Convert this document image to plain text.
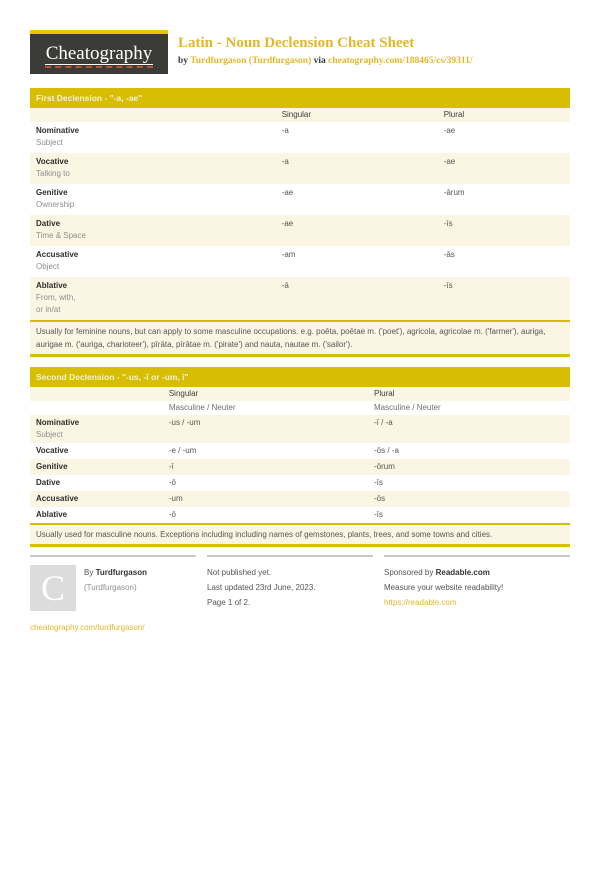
Cheatography Latin - Noun Declension Cheat Sheet
by Turdfurgason (Turdfurgason) via cheatography.com/188465/cs/39311/
First Declension - "-a, -ae"
Singular	Plural
Nominative
Subject
-a	-ae
Vocative
Talking to
-a	-ae
Genitive
Ownership
-ae	-ārum
Dative
Time & Space
-ae	-īs
Accusative
Object
-am	-ās
Ablative
From, with,
or in/at
-ā	-īs
Usually for feminine nouns, but can apply to some masculine occupations. e.g. poēta, poētae m. ('poet'), agricola, agricolae m. ('farmer'), auriga, aurigae m. ('auriga, charioteer'), pīrāta, pīrātae m. ('pirate') and nauta, nautae m. ('sailor').
Second Declension - "-us, -ī or -um, ī"
Singular	Plural
Masculine / Neuter	Masculine / Neuter
Nominative
Subject
-us / -um	-ī / -a
Vocative	-e / -um	-ōs / -a
Genitive	-ī	-ōrum
Dative	-ō	-īs
Accusative	-um	-ōs
Ablative	-ō	-īs
Usually used for masculine nouns. Exceptions including including names of gemstones, plants, trees, and some towns and cities.
C By Turdfurgason
(Turdfurgason)
cheatography.com/turdfurgason/
Not published yet.
Last updated 23rd June, 2023.
Page 1 of 2.
Sponsored by Readable.com
Measure your website readability!
https://readable.com
